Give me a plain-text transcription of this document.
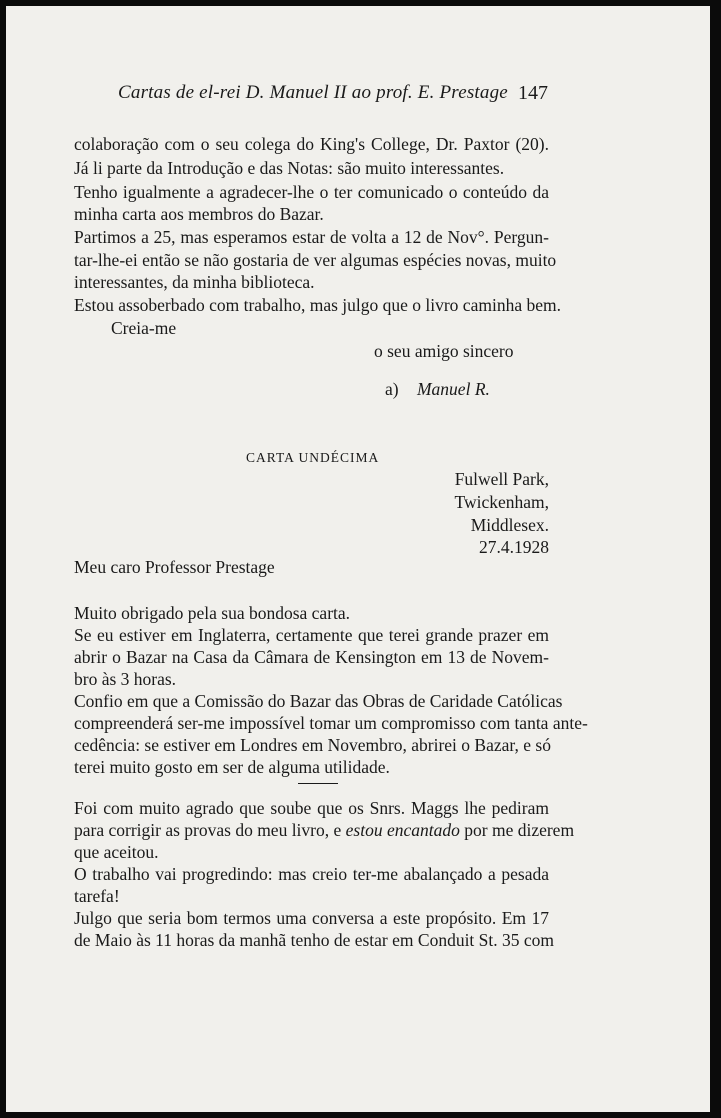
Cartas de el-rei D. Manuel II ao prof. E. Prestage 147
colaboração com o seu colega do King's College, Dr. Paxtor (20).
Já li parte da Introdução e das Notas: são muito interessantes.
Tenho igualmente a agradecer-lhe o ter comunicado o conteúdo da
minha carta aos membros do Bazar.
Partimos a 25, mas esperamos estar de volta a 12 de Nov°. Pergun-
tar-lhe-ei então se não gostaria de ver algumas espécies novas, muito
interessantes, da minha biblioteca.
Estou assoberbado com trabalho, mas julgo que o livro caminha bem.
Creia-me
o seu amigo sincero
a) Manuel R.
CARTA UNDÉCIMA
Fulwell Park,
Twickenham,
Middlesex.
27.4.1928
Meu caro Professor Prestage
Muito obrigado pela sua bondosa carta.
Se eu estiver em Inglaterra, certamente que terei grande prazer em
abrir o Bazar na Casa da Câmara de Kensington em 13 de Novem-
bro às 3 horas.
Confio em que a Comissão do Bazar das Obras de Caridade Católicas
compreenderá ser-me impossível tomar um compromisso com tanta ante-
cedência: se estiver em Londres em Novembro, abrirei o Bazar, e só
terei muito gosto em ser de alguma utilidade.
Foi com muito agrado que soube que os Snrs. Maggs lhe pediram
para corrigir as provas do meu livro, e estou encantado por me dizerem
que aceitou.
O trabalho vai progredindo: mas creio ter-me abalançado a pesada
tarefa!
Julgo que seria bom termos uma conversa a este propósito. Em 17
de Maio às 11 horas da manhã tenho de estar em Conduit St. 35 com
